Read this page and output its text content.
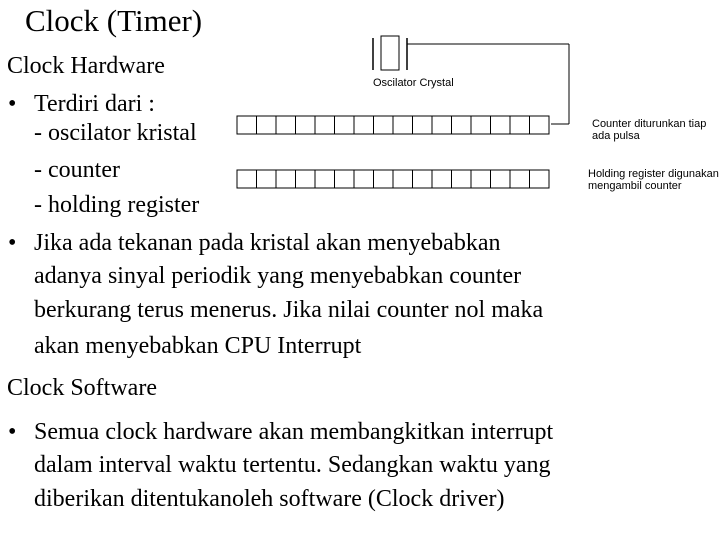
Clock (Timer)
Clock Hardware
• Terdiri dari :
- oscilator kristal
- counter
- holding register
• Jika ada tekanan pada kristal akan menyebabkan
adanya sinyal periodik yang menyebabkan counter
berkurang terus menerus. Jika nilai counter nol maka
akan menyebabkan CPU Interrupt
Clock Software
• Semua clock hardware akan membangkitkan interrupt
dalam interval waktu tertentu. Sedangkan waktu yang
diberikan ditentukanoleh software (Clock driver)
Oscilator Crystal
Counter diturunkan tiap
ada pulsa
Holding register digunakan
mengambil counter
